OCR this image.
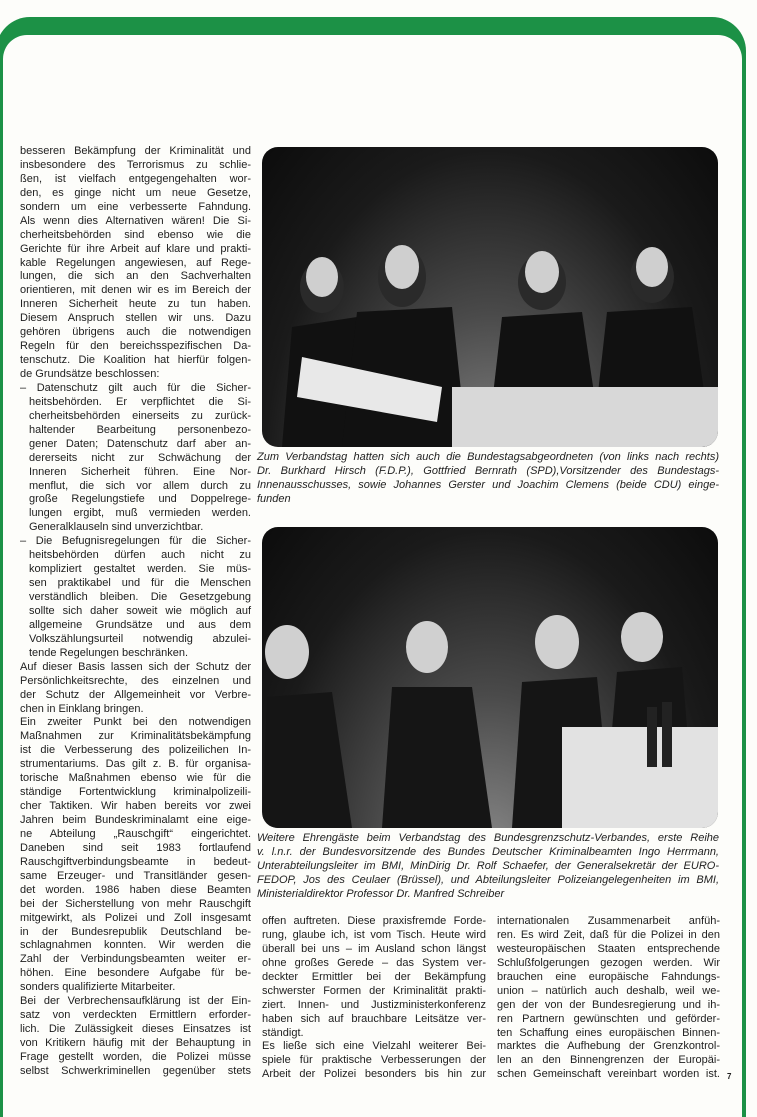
besseren Bekämpfung der Kriminalität und
insbesondere des Terrorismus zu schlie-
ßen, ist vielfach entgegengehalten wor-
den, es ginge nicht um neue Gesetze,
sondern um eine verbesserte Fahndung.
Als wenn dies Alternativen wären! Die Si-
cherheitsbehörden sind ebenso wie die
Gerichte für ihre Arbeit auf klare und prakti-
kable Regelungen angewiesen, auf Rege-
lungen, die sich an den Sachverhalten
orientieren, mit denen wir es im Bereich der
Inneren Sicherheit heute zu tun haben.
Diesem Anspruch stellen wir uns. Dazu
gehören übrigens auch die notwendigen
Regeln für den bereichsspezifischen Da-
tenschutz. Die Koalition hat hierfür folgen-
de Grundsätze beschlossen:
– Datenschutz gilt auch für die Sicher-
heitsbehörden. Er verpflichtet die Si-
cherheitsbehörden einerseits zu zurück-
haltender Bearbeitung personenbezo-
gener Daten; Datenschutz darf aber an-
dererseits nicht zur Schwächung der
Inneren Sicherheit führen. Eine Nor-
menflut, die sich vor allem durch zu
große Regelungstiefe und Doppelrege-
lungen ergibt, muß vermieden werden.
Generalklauseln sind unverzichtbar.
– Die Befugnisregelungen für die Sicher-
heitsbehörden dürfen auch nicht zu
kompliziert gestaltet werden. Sie müs-
sen praktikabel und für die Menschen
verständlich bleiben. Die Gesetzgebung
sollte sich daher soweit wie möglich auf
allgemeine Grundsätze und aus dem
Volkszählungsurteil notwendig abzulei-
tende Regelungen beschränken.
Auf dieser Basis lassen sich der Schutz der
Persönlichkeitsrechte, des einzelnen und
der Schutz der Allgemeinheit vor Verbre-
chen in Einklang bringen.
Ein zweiter Punkt bei den notwendigen
Maßnahmen zur Kriminalitätsbekämpfung
ist die Verbesserung des polizeilichen In-
strumentariums. Das gilt z. B. für organisa-
torische Maßnahmen ebenso wie für die
ständige Fortentwicklung kriminalpolizeili-
cher Taktiken. Wir haben bereits vor zwei
Jahren beim Bundeskriminalamt eine eige-
ne Abteilung „Rauschgift“ eingerichtet.
Daneben sind seit 1983 fortlaufend
Rauschgiftverbindungsbeamte in bedeut-
same Erzeuger- und Transitländer gesen-
det worden. 1986 haben diese Beamten
bei der Sicherstellung von mehr Rauschgift
mitgewirkt, als Polizei und Zoll insgesamt
in der Bundesrepublik Deutschland be-
schlagnahmen konnten. Wir werden die
Zahl der Verbindungsbeamten weiter er-
höhen. Eine besondere Aufgabe für be-
sonders qualifizierte Mitarbeiter.
Bei der Verbrechensaufklärung ist der Ein-
satz von verdeckten Ermittlern erforder-
lich. Die Zulässigkeit dieses Einsatzes ist
von Kritikern häufig mit der Behauptung in
Frage gestellt worden, die Polizei müsse
selbst Schwerkriminellen gegenüber stets
Zum Verbandstag hatten sich auch die Bundestagsabgeordneten (von links nach rechts)
Dr. Burkhard Hirsch (F.D.P.), Gottfried Bernrath (SPD),Vorsitzender des Bundestags-
Innenausschusses, sowie Johannes Gerster und Joachim Clemens (beide CDU) einge-
funden
Weitere Ehrengäste beim Verbandstag des Bundesgrenzschutz-Verbandes, erste Reihe
v. l.n.r. der Bundesvorsitzende des Bundes Deutscher Kriminalbeamten Ingo Herrmann,
Unterabteilungsleiter im BMI, MinDirig Dr. Rolf Schaefer, der Generalsekretär der EURO-
FEDOP, Jos des Ceulaer (Brüssel), und Abteilungsleiter Polizeiangelegenheiten im BMI,
Ministerialdirektor Professor Dr. Manfred Schreiber
offen auftreten. Diese praxisfremde Forde-
rung, glaube ich, ist vom Tisch. Heute wird
überall bei uns – im Ausland schon längst
ohne großes Gerede – das System ver-
deckter Ermittler bei der Bekämpfung
schwerster Formen der Kriminalität prakti-
ziert. Innen- und Justizministerkonferenz
haben sich auf brauchbare Leitsätze ver-
ständigt.
Es ließe sich eine Vielzahl weiterer Bei-
spiele für praktische Verbesserungen der
Arbeit der Polizei besonders bis hin zur
internationalen Zusammenarbeit anfüh-
ren. Es wird Zeit, daß für die Polizei in den
westeuropäischen Staaten entsprechende
Schlußfolgerungen gezogen werden. Wir
brauchen eine europäische Fahndungs-
union – natürlich auch deshalb, weil we-
gen der von der Bundesregierung und ih-
ren Partnern gewünschten und geförder-
ten Schaffung eines europäischen Binnen-
marktes die Aufhebung der Grenzkontrol-
len an den Binnengrenzen der Europäi-
schen Gemeinschaft vereinbart worden ist. 7
